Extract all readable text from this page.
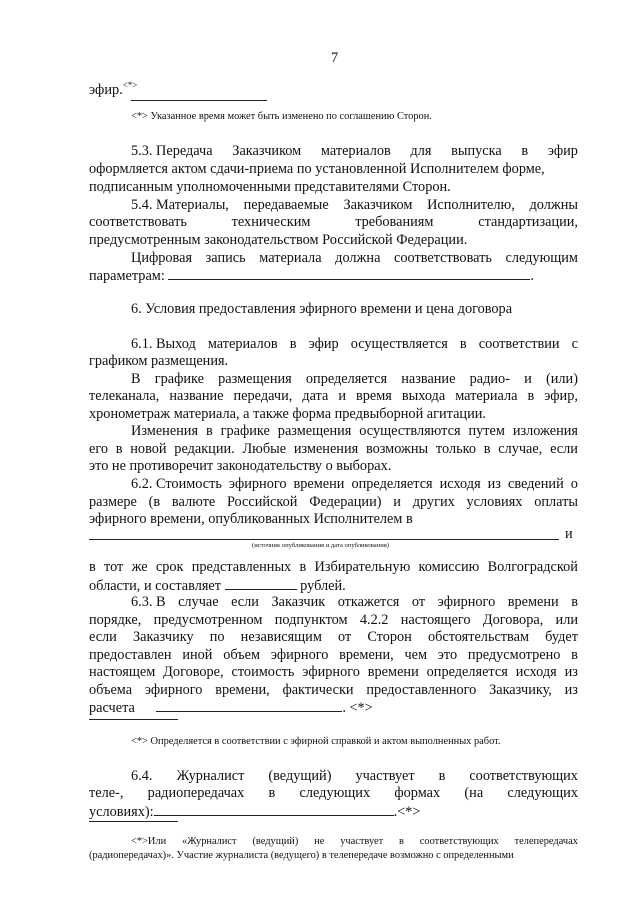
7
эфир.<*>
<*> Указанное время может быть изменено по соглашению Сторон.
5.3. Передача Заказчиком материалов для выпуска в эфир
оформляется актом сдачи-приема по установленной Исполнителем форме,
подписанным уполномоченными представителями Сторон.
5.4. Материалы, передаваемые Заказчиком Исполнителю, должны
соответствовать	техническим	требованиям	стандартизации,
предусмотренным законодательством Российской Федерации.
Цифровая запись материала должна соответствовать следующим
параметрам:	.
6. Условия предоставления эфирного времени и цена договора
6.1. Выход материалов в эфир осуществляется в соответствии с
графиком размещения.
В графике размещения определяется название радио- и (или)
телеканала, название передачи, дата и время выхода материала в эфир,
хронометраж материала, а также форма предвыборной агитации.
Изменения в графике размещения осуществляются путем изложения
его в новой редакции. Любые изменения возможны только в случае, если
это не противоречит законодательству о выборах.
6.2. Стоимость эфирного времени определяется исходя из сведений о
размере (в валюте Российской Федерации) и других условиях оплаты
эфирного времени, опубликованных Исполнителем в
и
(источник опубликования и дата опубликования)
в тот же срок представленных в Избирательную комиссию Волгоградской
области, и составляет	рублей.
6.3. В случае если Заказчик откажется от эфирного времени в
порядке, предусмотренном подпунктом 4.2.2 настоящего Договора, или
если Заказчику по независящим от Сторон обстоятельствам будет
предоставлен иной объем эфирного времени, чем это предусмотрено в
настоящем Договоре, стоимость эфирного времени определяется исходя из
объема эфирного времени, фактически предоставленного Заказчику, из
расчета	. <*>
<*> Определяется в соответствии с эфирной справкой и актом выполненных работ.
6.4. Журналист (ведущий) участвует в соответствующих
теле-, радиопередачах в следующих формах (на следующих
условиях):	.<*>
<*>Или «Журналист (ведущий) не участвует в соответствующих телепередачах
(радиопередачах)». Участие журналиста (ведущего) в телепередаче возможно с определенными
